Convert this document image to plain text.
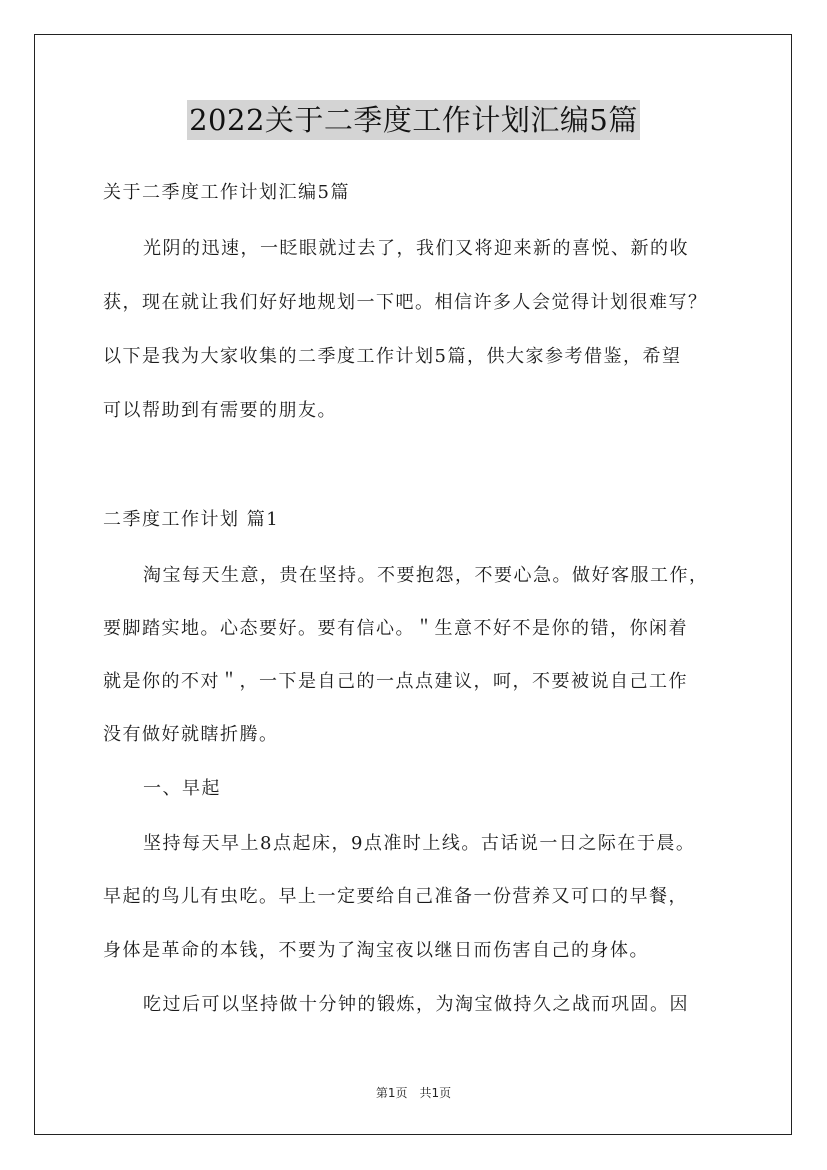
2022关于二季度工作计划汇编5篇
关于二季度工作计划汇编5篇
光阴的迅速，一眨眼就过去了，我们又将迎来新的喜悦、新的收
获，现在就让我们好好地规划一下吧。相信许多人会觉得计划很难写？
以下是我为大家收集的二季度工作计划5篇，供大家参考借鉴，希望
可以帮助到有需要的朋友。
二季度工作计划 篇1
淘宝每天生意，贵在坚持。不要抱怨，不要心急。做好客服工作，
要脚踏实地。心态要好。要有信心。＂生意不好不是你的错，你闲着
就是你的不对＂，一下是自己的一点点建议，呵，不要被说自己工作
没有做好就瞎折腾。
一、早起
坚持每天早上8点起床，9点准时上线。古话说一日之际在于晨。
早起的鸟儿有虫吃。早上一定要给自己准备一份营养又可口的早餐，
身体是革命的本钱，不要为了淘宝夜以继日而伤害自己的身体。
吃过后可以坚持做十分钟的锻炼，为淘宝做持久之战而巩固。因
第1页　共1页
